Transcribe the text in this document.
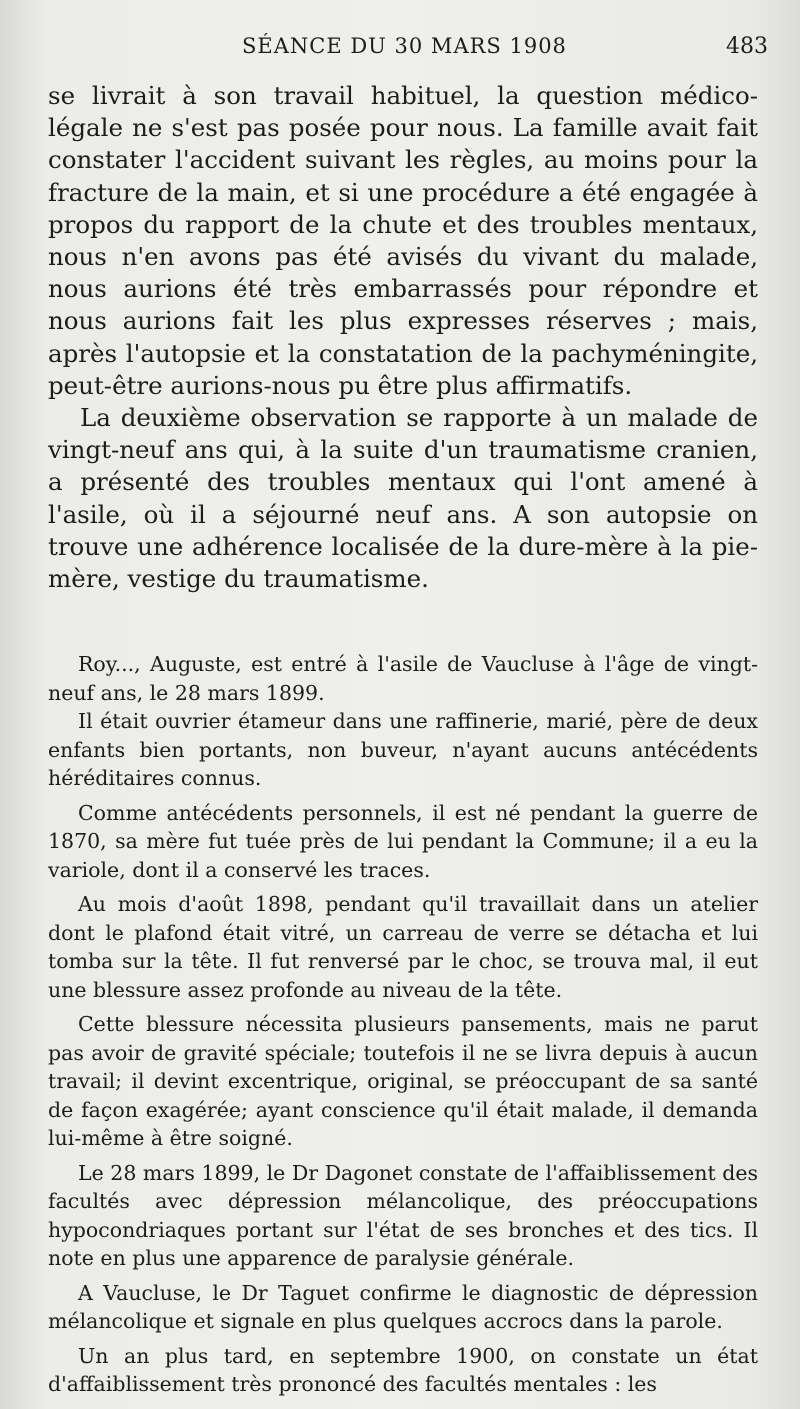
SÉANCE DU 30 MARS 1908	483

se livrait à son travail habituel, la question médico-légale ne s'est pas posée pour nous. La famille avait fait constater l'accident suivant les règles, au moins pour la fracture de la main, et si une procédure a été engagée à propos du rapport de la chute et des troubles mentaux, nous n'en avons pas été avisés du vivant du malade, nous aurions été très embarrassés pour répondre et nous aurions fait les plus expresses réserves ; mais, après l'autopsie et la constatation de la pachyméningite, peut-être aurions-nous pu être plus affirmatifs.

La deuxième observation se rapporte à un malade de vingt-neuf ans qui, à la suite d'un traumatisme cranien, a présenté des troubles mentaux qui l'ont amené à l'asile, où il a séjourné neuf ans. A son autopsie on trouve une adhérence localisée de la dure-mère à la pie-mère, vestige du traumatisme.

Roy..., Auguste, est entré à l'asile de Vaucluse à l'âge de vingt-neuf ans, le 28 mars 1899.

Il était ouvrier étameur dans une raffinerie, marié, père de deux enfants bien portants, non buveur, n'ayant aucuns antécédents héréditaires connus.

Comme antécédents personnels, il est né pendant la guerre de 1870, sa mère fut tuée près de lui pendant la Commune; il a eu la variole, dont il a conservé les traces.

Au mois d'août 1898, pendant qu'il travaillait dans un atelier dont le plafond était vitré, un carreau de verre se détacha et lui tomba sur la tête. Il fut renversé par le choc, se trouva mal, il eut une blessure assez profonde au niveau de la tête.

Cette blessure nécessita plusieurs pansements, mais ne parut pas avoir de gravité spéciale; toutefois il ne se livra depuis à aucun travail; il devint excentrique, original, se préoccupant de sa santé de façon exagérée; ayant conscience qu'il était malade, il demanda lui-même à être soigné.

Le 28 mars 1899, le Dr Dagonet constate de l'affaiblissement des facultés avec dépression mélancolique, des préoccupations hypocondriaques portant sur l'état de ses bronches et des tics. Il note en plus une apparence de paralysie générale.

A Vaucluse, le Dr Taguet confirme le diagnostic de dépression mélancolique et signale en plus quelques accrocs dans la parole.

Un an plus tard, en septembre 1900, on constate un état d'affaiblissement très prononcé des facultés mentales : les
